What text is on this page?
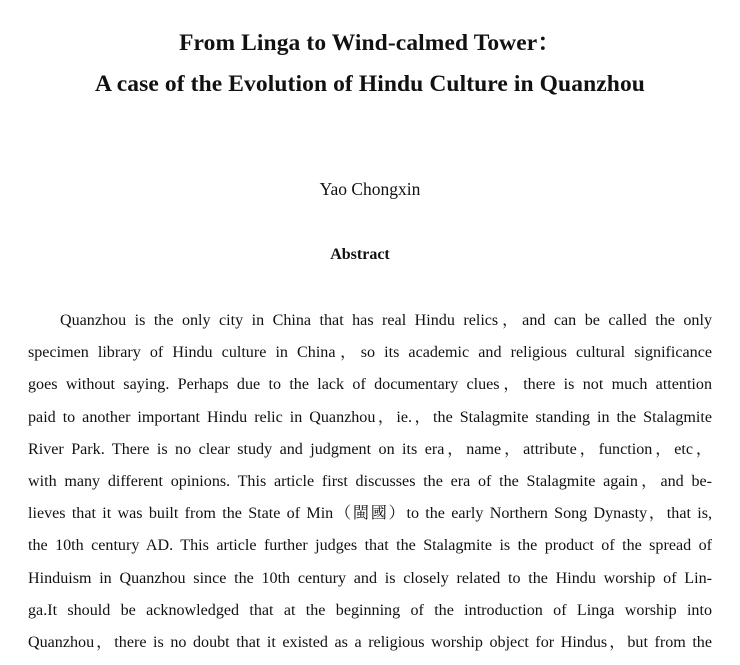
From Linga to Wind-calmed Tower：
A case of the Evolution of Hindu Culture in Quanzhou
Yao Chongxin
Abstract
Quanzhou is the only city in China that has real Hindu relics，and can be called the only
specimen library of Hindu culture in China，so its academic and religious cultural significance
goes without saying. Perhaps due to the lack of documentary clues，there is not much attention
paid to another important Hindu relic in Quanzhou，ie.，the Stalagmite standing in the Stalagmite
River Park. There is no clear study and judgment on its era，name，attribute，function，etc，
with many different opinions. This article first discusses the era of the Stalagmite again，and be-
lieves that it was built from the State of Min（閩國）to the early Northern Song Dynasty，that is,
the 10th century AD. This article further judges that the Stalagmite is the product of the spread of
Hinduism in Quanzhou since the 10th century and is closely related to the Hindu worship of Lin-
ga.It should be acknowledged that at the beginning of the introduction of Linga worship into
Quanzhou，there is no doubt that it existed as a religious worship object for Hindus，but from the
